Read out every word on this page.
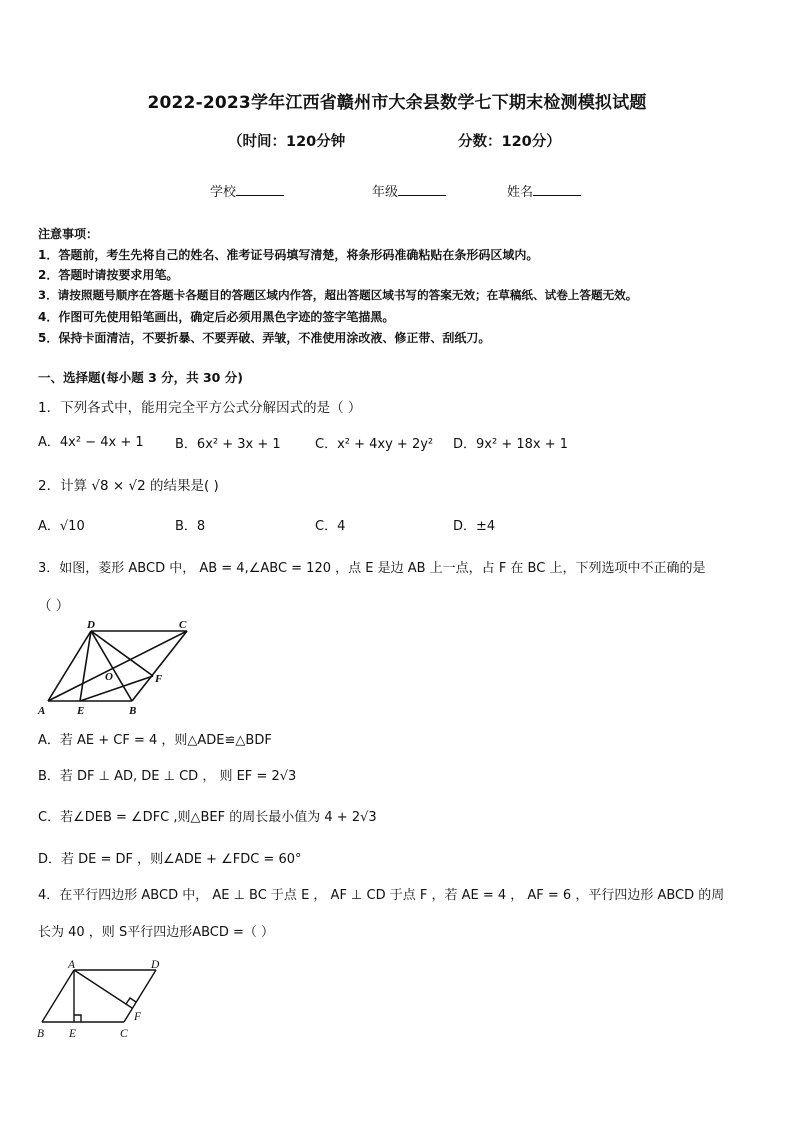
2022-2023学年江西省赣州市大余县数学七下期末检测模拟试题
（时间：120分钟	分数：120分）
学校	年级	姓名
注意事项：
1．答题前，考生先将自己的姓名、准考证号码填写清楚，将条形码准确粘贴在条形码区域内。
2．答题时请按要求用笔。
3．请按照题号顺序在答题卡各题目的答题区域内作答，超出答题区域书写的答案无效；在草稿纸、试卷上答题无效。
4．作图可先使用铅笔画出，确定后必须用黑色字迹的签字笔描黑。
5．保持卡面清洁，不要折暴、不要弄破、弄皱，不准使用涂改液、修正带、刮纸刀。
一、选择题(每小题 3 分，共 30 分)
1．下列各式中，能用完全平方公式分解因式的是（ ）
A．4x² − 4x + 1 B．6x² + 3x + 1	C．x² + 4xy + 2y² D．9x² + 18x + 1
2．计算 √8 × √2 的结果是( )
A．√10	B．8	C．4	D．±4
3．如图，菱形 ABCD 中， AB = 4,∠ABC = 120 ，点 E 是边 AB 上一点，占 F 在 BC 上，下列选项中不正确的是
（ ）
D	C
O	F
A	E	B
A．若 AE + CF = 4 ，则△ADE≌△BDF
B．若 DF ⊥ AD, DE ⊥ CD ， 则 EF = 2√3
C．若∠DEB = ∠DFC ,则△BEF 的周长最小值为 4 + 2√3
D．若 DE = DF ，则∠ADE + ∠FDC = 60°
4．在平行四边形 ABCD 中， AE ⊥ BC 于点 E ， AF ⊥ CD 于点 F ，若 AE = 4 ， AF = 6 ，平行四边形 ABCD 的周
长为 40 ，则 S平行四边形ABCD =（ ）
A	D
F
B E	C
